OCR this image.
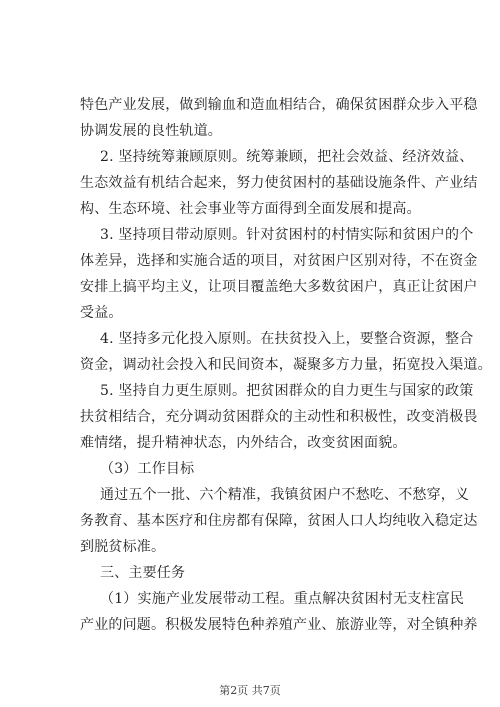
特色产业发展，做到输血和造血相结合，确保贫困群众步入平稳
协调发展的良性轨道。
2. 坚持统筹兼顾原则。统筹兼顾，把社会效益、经济效益、
生态效益有机结合起来，努力使贫困村的基础设施条件、产业结
构、生态环境、社会事业等方面得到全面发展和提高。
3. 坚持项目带动原则。针对贫困村的村情实际和贫困户的个
体差异，选择和实施合适的项目，对贫困户区别对待，不在资金
安排上搞平均主义，让项目覆盖绝大多数贫困户，真正让贫困户
受益。
4. 坚持多元化投入原则。在扶贫投入上，要整合资源，整合
资金，调动社会投入和民间资本，凝聚多方力量，拓宽投入渠道。
5. 坚持自力更生原则。把贫困群众的自力更生与国家的政策
扶贫相结合，充分调动贫困群众的主动性和积极性，改变消极畏
难情绪，提升精神状态，内外结合，改变贫困面貌。
（3）工作目标
通过五个一批、六个精准，我镇贫困户不愁吃、不愁穿，义
务教育、基本医疗和住房都有保障，贫困人口人均纯收入稳定达
到脱贫标准。
三、主要任务
（1）实施产业发展带动工程。重点解决贫困村无支柱富民
产业的问题。积极发展特色种养殖产业、旅游业等，对全镇种养
第2页 共7页
